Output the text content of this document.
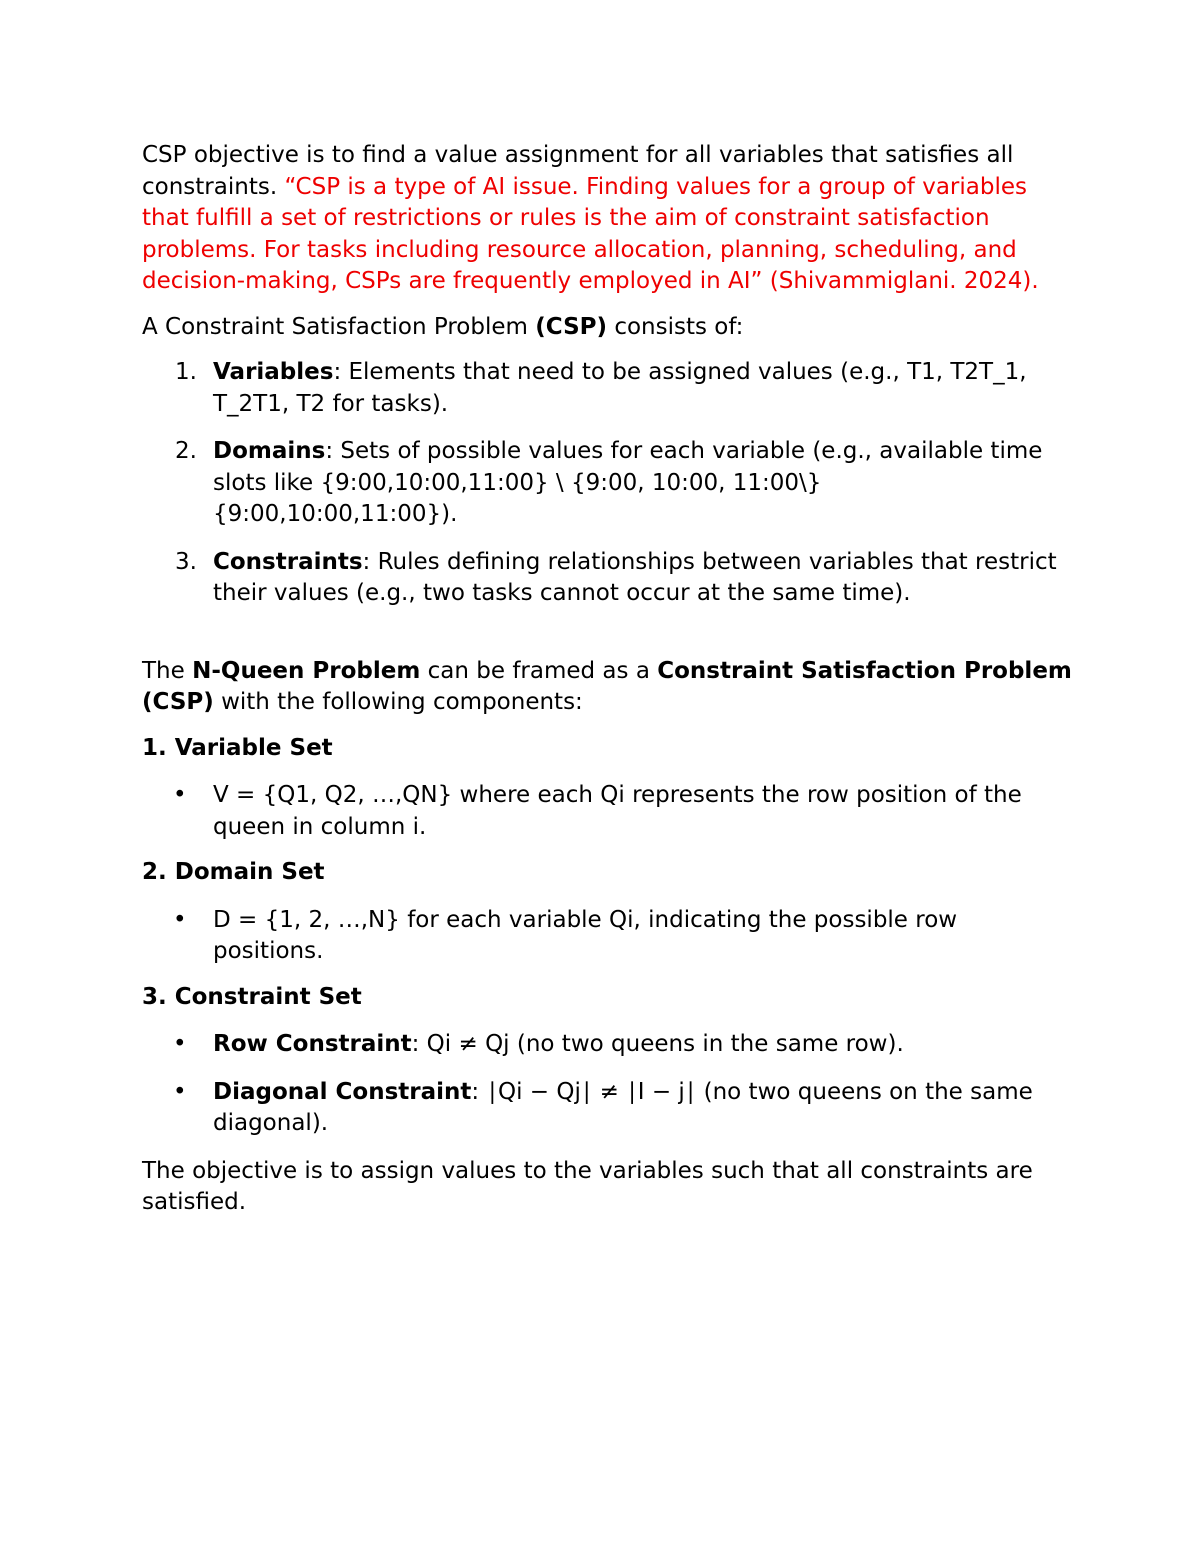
CSP objective is to find a value assignment for all variables that satisfies all constraints. “CSP is a type of AI issue. Finding values for a group of variables that fulfill a set of restrictions or rules is the aim of constraint satisfaction problems. For tasks including resource allocation, planning, scheduling, and decision-making, CSPs are frequently employed in AI” (Shivammiglani. 2024).

A Constraint Satisfaction Problem (CSP) consists of:

1. Variables: Elements that need to be assigned values (e.g., T1, T2T_1, T_2T1, T2 for tasks).
2. Domains: Sets of possible values for each variable (e.g., available time slots like {9:00,10:00,11:00} \ {9:00, 10:00, 11:00\} {9:00,10:00,11:00}).
3. Constraints: Rules defining relationships between variables that restrict their values (e.g., two tasks cannot occur at the same time).

The N-Queen Problem can be framed as a Constraint Satisfaction Problem (CSP) with the following components:

1. Variable Set

• V = {Q1, Q2, …,QN} where each Qi represents the row position of the queen in column i.

2. Domain Set

• D = {1, 2, …,N} for each variable Qi, indicating the possible row positions.

3. Constraint Set

• Row Constraint: Qi ≠ Qj (no two queens in the same row).
• Diagonal Constraint: ∣Qi − Qj∣ ≠ ∣I − j∣ (no two queens on the same diagonal).

The objective is to assign values to the variables such that all constraints are satisfied.
